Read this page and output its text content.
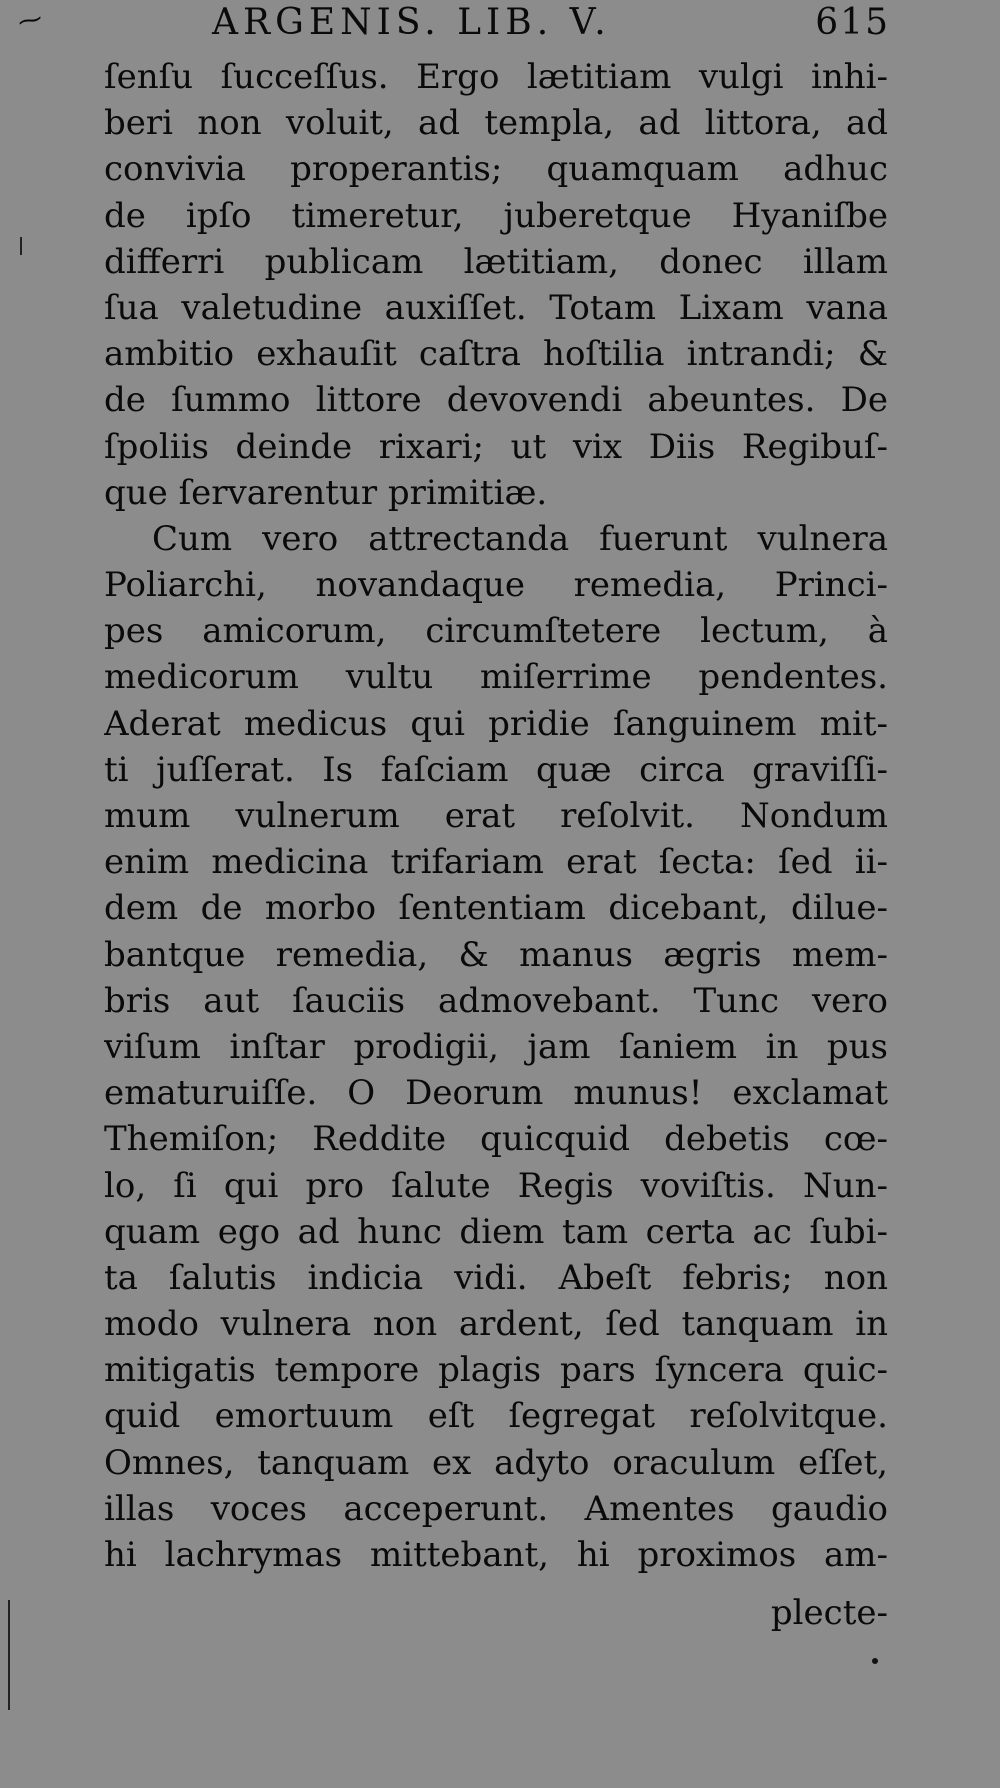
⁓	ARGENIS. LIB. V.	615
ſenſu ſucceſſus. Ergo lætitiam vulgi inhi-
beri non voluit, ad templa, ad littora, ad
convivia properantis; quamquam adhuc
de ipſo timeretur, juberetque Hyaniſbe
differri publicam lætitiam, donec illam
ſua valetudine auxiſſet. Totam Lixam vana
ambitio exhauſit caſtra hoſtilia intrandi; &
de ſummo littore devovendi abeuntes. De
ſpoliis deinde rixari; ut vix Diis Regibuſ-
que ſervarentur primitiæ.
Cum vero attrectanda fuerunt vulnera
Poliarchi, novandaque remedia, Princi-
pes amicorum, circumſtetere lectum, à
medicorum vultu miſerrime pendentes.
Aderat medicus qui pridie ſanguinem mit-
ti juſſerat. Is faſciam quæ circa graviſſi-
mum vulnerum erat reſolvit. Nondum
enim medicina trifariam erat ſecta: ſed ii-
dem de morbo ſententiam dicebant, dilue-
bantque remedia, & manus ægris mem-
bris aut ſauciis admovebant. Tunc vero
viſum inſtar prodigii, jam ſaniem in pus
ematuruiſſe. O Deorum munus! exclamat
Themiſon; Reddite quicquid debetis cœ-
lo, ſi qui pro ſalute Regis voviſtis. Nun-
quam ego ad hunc diem tam certa ac ſubi-
ta ſalutis indicia vidi. Abeſt febris; non
modo vulnera non ardent, ſed tanquam in
mitigatis tempore plagis pars ſyncera quic-
quid emortuum eſt ſegregat reſolvitque.
Omnes, tanquam ex adyto oraculum eſſet,
illas voces acceperunt. Amentes gaudio
hi lachrymas mittebant, hi proximos am-
plecte-
